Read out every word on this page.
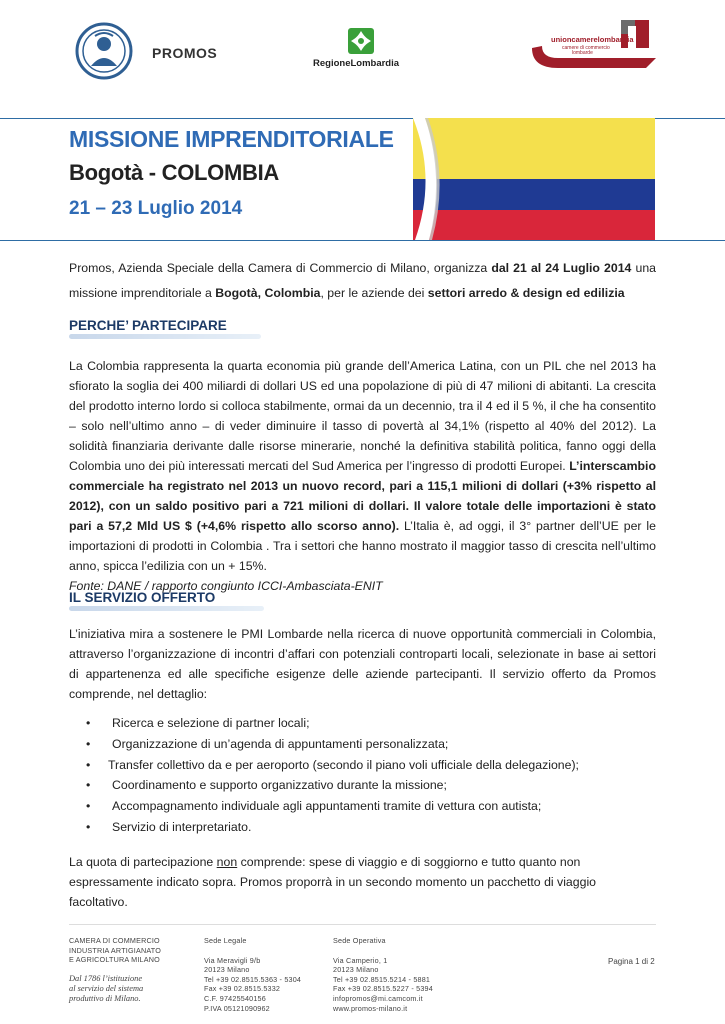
PROMOS
RegioneLombardia
unioncamerelombardia
camere di commercio
lombarde
MISSIONE IMPRENDITORIALE
Bogotà - COLOMBIA
21 – 23 Luglio 2014
Promos, Azienda Speciale della Camera di Commercio di Milano, organizza dal 21 al 24 Luglio 2014 una missione imprenditoriale a Bogotà, Colombia, per le aziende dei settori arredo & design ed edilizia
PERCHE’ PARTECIPARE
La Colombia rappresenta la quarta economia più grande dell’America Latina, con un PIL che nel 2013 ha sfiorato la soglia dei 400 miliardi di dollari US ed una popolazione di più di 47 milioni di abitanti. La crescita del prodotto interno lordo si colloca stabilmente, ormai da un decennio, tra il 4 ed il 5 %, il che ha consentito – solo nell’ultimo anno – di veder diminuire il tasso di povertà al 34,1% (rispetto al 40% del 2012). La solidità finanziaria derivante dalle risorse minerarie, nonché la definitiva stabilità politica, fanno oggi della Colombia uno dei più interessati mercati del Sud America per l’ingresso di prodotti Europei. L’interscambio commerciale ha registrato nel 2013 un nuovo record, pari a 115,1 milioni di dollari (+3% rispetto al 2012), con un saldo positivo pari a 721 milioni di dollari. Il valore totale delle importazioni è stato pari a 57,2 Mld US $ (+4,6% rispetto allo scorso anno). L’Italia è, ad oggi, il 3° partner dell’UE per le importazioni di prodotti in Colombia . Tra i settori che hanno mostrato il maggior tasso di crescita nell’ultimo anno, spicca l’edilizia con un + 15%.
Fonte: DANE / rapporto congiunto ICCI-Ambasciata-ENIT
IL SERVIZIO OFFERTO
L’iniziativa mira a sostenere le PMI Lombarde nella ricerca di nuove opportunità commerciali in Colombia, attraverso l’organizzazione di incontri d’affari con potenziali controparti locali, selezionate in base ai settori di appartenenza ed alle specifiche esigenze delle aziende partecipanti. Il servizio offerto da Promos comprende, nel dettaglio:
• Ricerca e selezione di partner locali;
• Organizzazione di un’agenda di appuntamenti personalizzata;
• Transfer collettivo da e per aeroporto (secondo il piano voli ufficiale della delegazione);
• Coordinamento e supporto organizzativo durante la missione;
• Accompagnamento individuale agli appuntamenti tramite di vettura con autista;
• Servizio di interpretariato.
La quota di partecipazione non comprende: spese di viaggio e di soggiorno e tutto quanto non espressamente indicato sopra. Promos proporrà in un secondo momento un pacchetto di viaggio facoltativo.
CAMERA DI COMMERCIO
INDUSTRIA ARTIGIANATO
E AGRICOLTURA MILANO
Dal 1786 l’istituzione
al servizio del sistema
produttivo di Milano.
Sede Legale
Via Meravigli 9/b
20123 Milano
Tel +39 02.8515.5363 - 5304
Fax +39 02.8515.5332
C.F. 97425540156
P.IVA 05121090962
Sede Operativa
Via Camperio, 1
20123 Milano
Tel +39 02.8515.5214 - 5881
Fax +39 02.8515.5227 - 5394
infopromos@mi.camcom.it
www.promos-milano.it
Pagina 1 di 2
